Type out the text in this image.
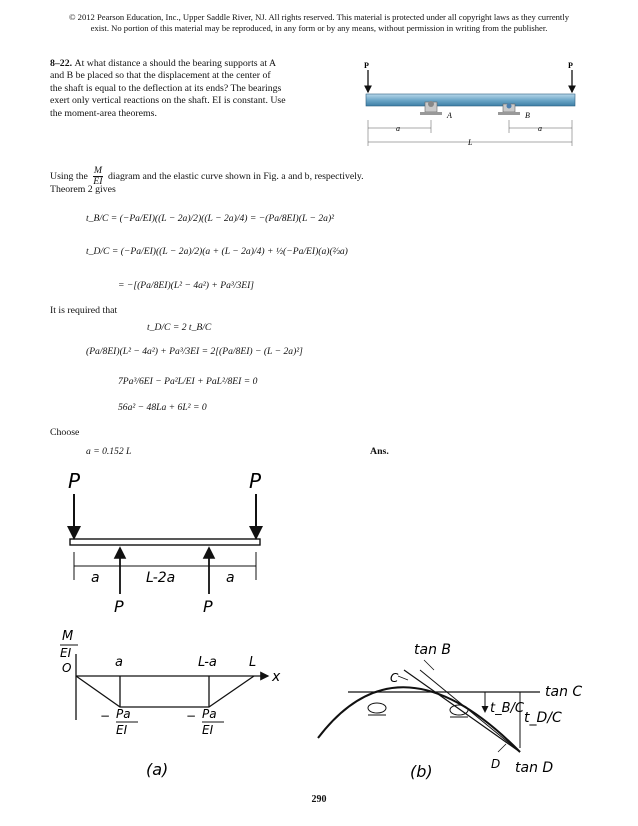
© 2012 Pearson Education, Inc., Upper Saddle River, NJ. All rights reserved. This material is protected under all copyright laws as they currently
exist. No portion of this material may be reproduced, in any form or by any means, without permission in writing from the publisher.
8–22. At what distance a should the bearing supports at A
and B be placed so that the displacement at the center of
the shaft is equal to the deflection at its ends? The bearings
exert only vertical reactions on the shaft. EI is constant. Use
the moment-area theorems.
P	P
A	B
a	a
L
Using the $\frac{M}{EI}$ diagram and the elastic curve shown in Fig. a and b, respectively.
Theorem 2 gives
t_B/C = (−Pa/EI)((L − 2a)/2)((L − 2a)/4) = −(Pa/8EI)(L − 2a)²
t_D/C = (−Pa/EI)((L − 2a)/2)(a + (L − 2a)/4) + ½(−Pa/EI)(a)(⅔a)
= −[(Pa/8EI)(L² − 4a²) + Pa³/3EI]
It is required that
t_D/C = 2 t_B/C
(Pa/8EI)(L² − 4a²) + Pa³/3EI = 2[(Pa/8EI) − (L − 2a)²]
7Pa³/6EI − Pa²L/EI + PaL²/8EI = 0
56a² − 48La + 6L² = 0
Choose
a = 0.152 L	Ans.
P	P
a	L-2a	a
P	P
M
EI
O	a	L-a L
x
− Pa
EI
− Pa
EI
(a)
tan B
C
t_B/C
tan C
t_D/C
D tan D
(b)
290
